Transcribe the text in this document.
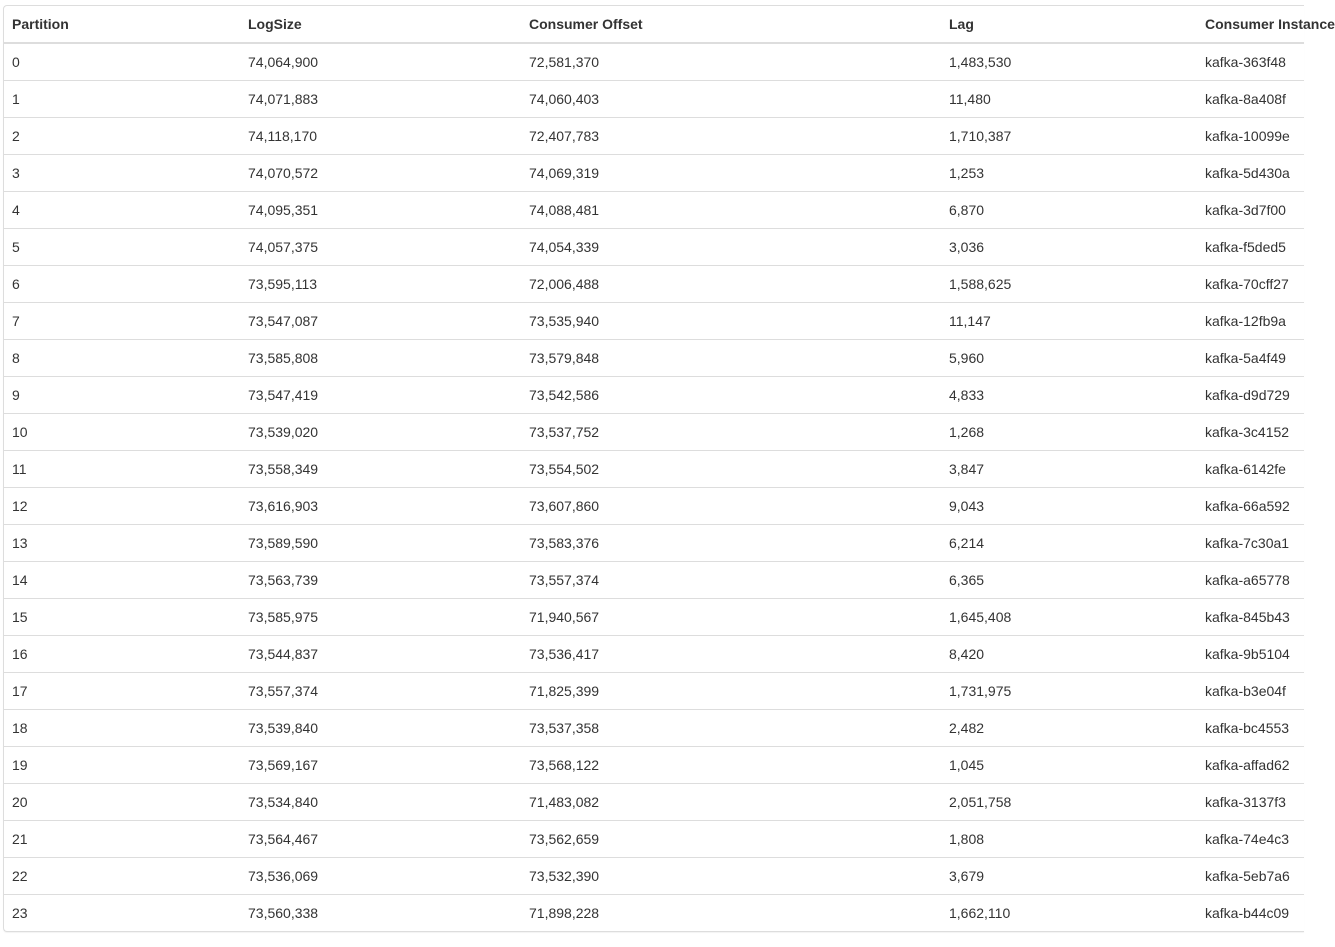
Partition	LogSize	Consumer Offset	Lag	Consumer Instance
0	74,064,900	72,581,370	1,483,530	kafka-363f48
1	74,071,883	74,060,403	11,480	kafka-8a408f
2	74,118,170	72,407,783	1,710,387	kafka-10099e
3	74,070,572	74,069,319	1,253	kafka-5d430a
4	74,095,351	74,088,481	6,870	kafka-3d7f00
5	74,057,375	74,054,339	3,036	kafka-f5ded5
6	73,595,113	72,006,488	1,588,625	kafka-70cff27
7	73,547,087	73,535,940	11,147	kafka-12fb9a
8	73,585,808	73,579,848	5,960	kafka-5a4f49
9	73,547,419	73,542,586	4,833	kafka-d9d729
10	73,539,020	73,537,752	1,268	kafka-3c4152
11	73,558,349	73,554,502	3,847	kafka-6142fe
12	73,616,903	73,607,860	9,043	kafka-66a592
13	73,589,590	73,583,376	6,214	kafka-7c30a1
14	73,563,739	73,557,374	6,365	kafka-a65778
15	73,585,975	71,940,567	1,645,408	kafka-845b43
16	73,544,837	73,536,417	8,420	kafka-9b5104
17	73,557,374	71,825,399	1,731,975	kafka-b3e04f
18	73,539,840	73,537,358	2,482	kafka-bc4553
19	73,569,167	73,568,122	1,045	kafka-affad62
20	73,534,840	71,483,082	2,051,758	kafka-3137f3
21	73,564,467	73,562,659	1,808	kafka-74e4c3
22	73,536,069	73,532,390	3,679	kafka-5eb7a6
23	73,560,338	71,898,228	1,662,110	kafka-b44c09
